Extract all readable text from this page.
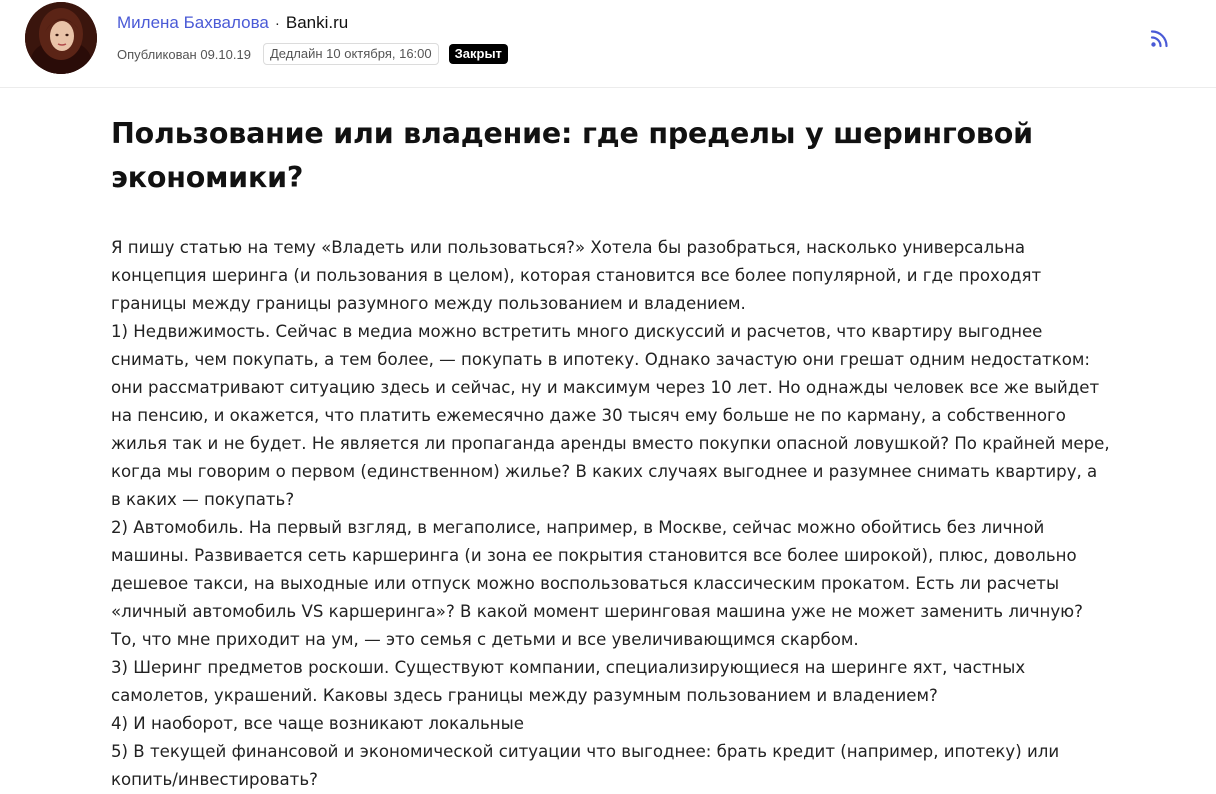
Милена Бахвалова · Banki.ru
Опубликован 09.10.19	Дедлайн 10 октября, 16:00	Закрыт
Пользование или владение: где пределы у шеринговой экономики?

Я пишу статью на тему «Владеть или пользоваться?» Хотела бы разобраться, насколько универсальна концепция шеринга (и пользования в целом), которая становится все более популярной, и где проходят границы между границы разумного между пользованием и владением.

1) Недвижимость. Сейчас в медиа можно встретить много дискуссий и расчетов, что квартиру выгоднее снимать, чем покупать, а тем более, — покупать в ипотеку. Однако зачастую они грешат одним недостатком: они рассматривают ситуацию здесь и сейчас, ну и максимум через 10 лет. Но однажды человек все же выйдет на пенсию, и окажется, что платить ежемесячно даже 30 тысяч ему больше не по карману, а собственного жилья так и не будет. Не является ли пропаганда аренды вместо покупки опасной ловушкой? По крайней мере, когда мы говорим о первом (единственном) жилье? В каких случаях выгоднее и разумнее снимать квартиру, а в каких — покупать?

2) Автомобиль. На первый взгляд, в мегаполисе, например, в Москве, сейчас можно обойтись без личной машины. Развивается сеть каршеринга (и зона ее покрытия становится все более широкой), плюс, довольно дешевое такси, на выходные или отпуск можно воспользоваться классическим прокатом. Есть ли расчеты «личный автомобиль VS каршеринга»? В какой момент шеринговая машина уже не может заменить личную? То, что мне приходит на ум, — это семья с детьми и все увеличивающимся скарбом.

3) Шеринг предметов роскоши. Существуют компании, специализирующиеся на шеринге яхт, частных самолетов, украшений. Каковы здесь границы между разумным пользованием и владением?

4) И наоборот, все чаще возникают локальные

5) В текущей финансовой и экономической ситуации что выгоднее: брать кредит (например, ипотеку) или копить/инвестировать?
